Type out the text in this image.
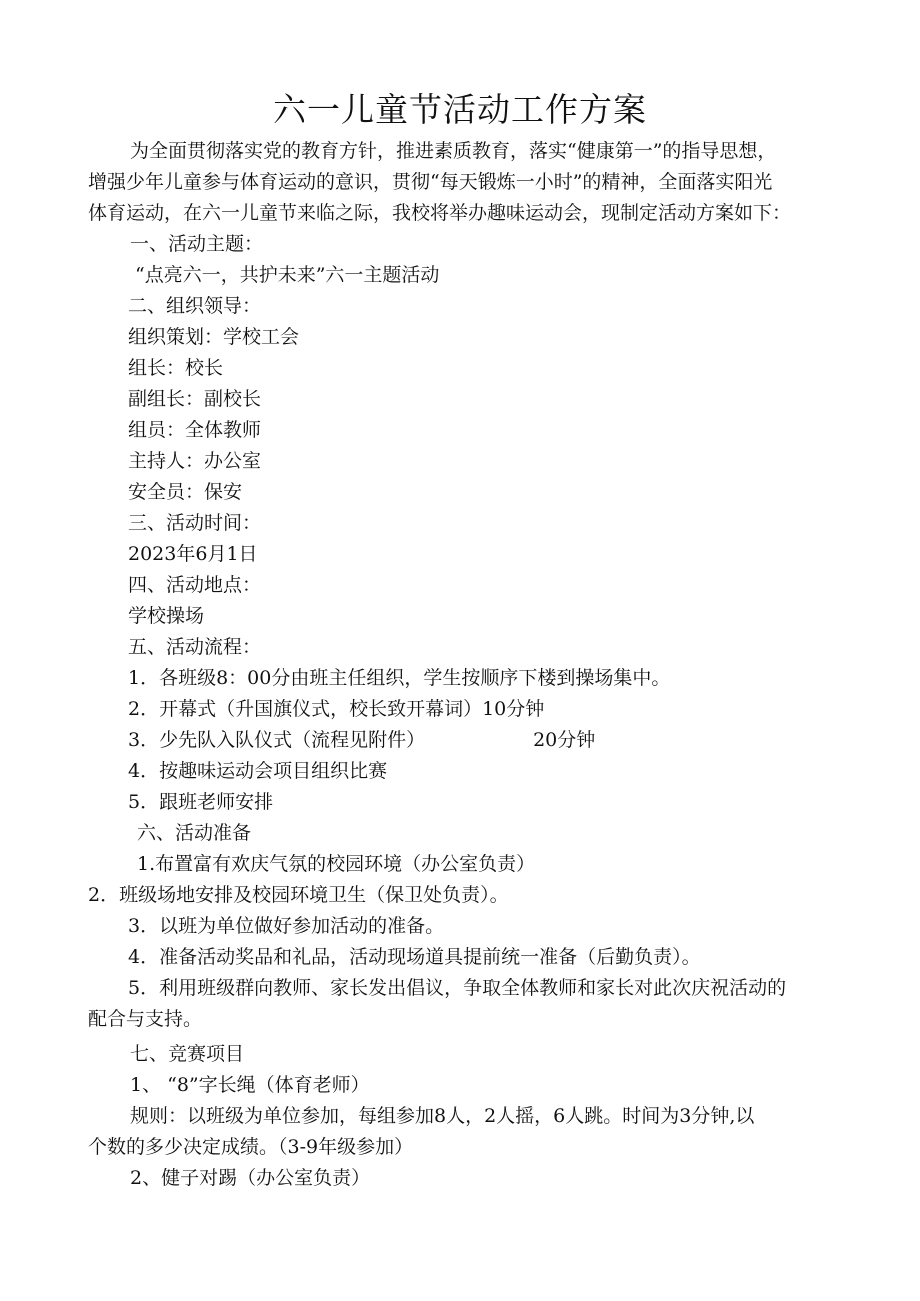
六一儿童节活动工作方案
为全面贯彻落实党的教育方针，推进素质教育，落实“健康第一”的指导思想，
增强少年儿童参与体育运动的意识，贯彻“每天锻炼一小时”的精神，全面落实阳光
体育运动，在六一儿童节来临之际，我校将举办趣味运动会，现制定活动方案如下：
一、活动主题：
“点亮六一，共护未来”六一主题活动
二、组织领导：
组织策划：学校工会
组长：校长
副组长：副校长
组员：全体教师
主持人：办公室
安全员：保安
三、活动时间：
2023年6月1日
四、活动地点：
学校操场
五、活动流程：
1．各班级8：00分由班主任组织，学生按顺序下楼到操场集中。
2．开幕式（升国旗仪式，校长致开幕词）10分钟
3．少先队入队仪式（流程见附件）	20分钟
4．按趣味运动会项目组织比赛
5．跟班老师安排
六、活动准备
1.布置富有欢庆气氛的校园环境（办公室负责）
2．班级场地安排及校园环境卫生（保卫处负责）。
3．以班为单位做好参加活动的准备。
4．准备活动奖品和礼品，活动现场道具提前统一准备（后勤负责）。
5．利用班级群向教师、家长发出倡议，争取全体教师和家长对此次庆祝活动的
配合与支持。
七、竞赛项目
1、 “8”字长绳（体育老师）
规则：以班级为单位参加，每组参加8人，2人摇，6人跳。时间为3分钟,以
个数的多少决定成绩。（3-9年级参加）
2、健子对踢（办公室负责）
